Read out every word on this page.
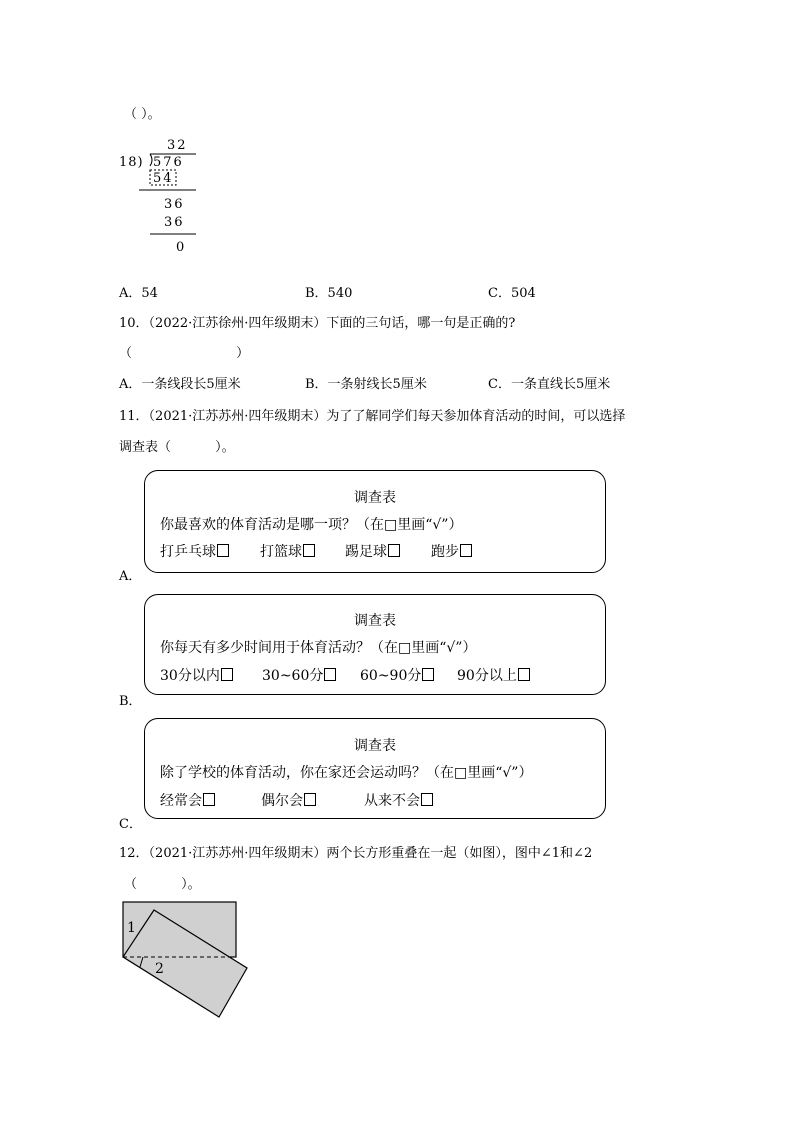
（ ）。
32
18) 576
54
36
36
0
A．54	B．540	C．504
10．（2022·江苏徐州·四年级期末）下面的三句话，哪一句是正确的?
（ ）
A．一条线段长5厘米	B．一条射线长5厘米	C．一条直线长5厘米
11．（2021·江苏苏州·四年级期末）为了了解同学们每天参加体育活动的时间，可以选择
调查表（ ）。
调查表
你最喜欢的体育活动是哪一项？（在□里画“√”）
打乒乓球	打篮球	踢足球	跑步
A．
调查表
你每天有多少时间用于体育活动？（在□里画“√”）
30分以内	30~60分	60~90分	90分以上
B．
调查表
除了学校的体育活动，你在家还会运动吗？（在□里画“√”）
经常会	偶尔会	从来不会
C．
12．（2021·江苏苏州·四年级期末）两个长方形重叠在一起（如图），图中∠1和∠2
（ ）。
1
2
